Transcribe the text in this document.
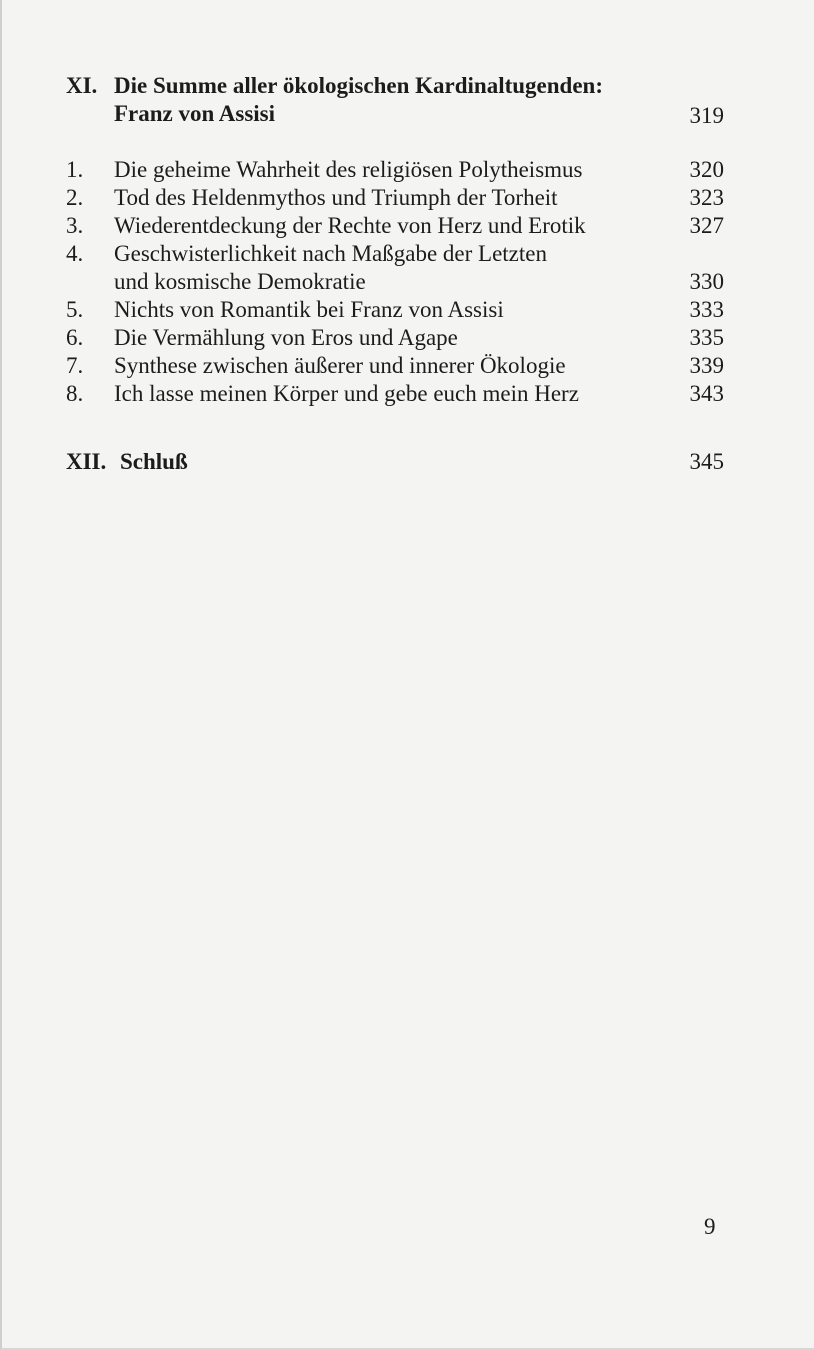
XI. Die Summe aller ökologischen Kardinaltugenden:
Franz von Assisi	319
1. Die geheime Wahrheit des religiösen Polytheismus	320
2. Tod des Heldenmythos und Triumph der Torheit	323
3. Wiederentdeckung der Rechte von Herz und Erotik	327
4. Geschwisterlichkeit nach Maßgabe der Letzten
und kosmische Demokratie	330
5. Nichts von Romantik bei Franz von Assisi	333
6. Die Vermählung von Eros und Agape	335
7. Synthese zwischen äußerer und innerer Ökologie	339
8. Ich lasse meinen Körper und gebe euch mein Herz	343
XII. Schluß	345
9
